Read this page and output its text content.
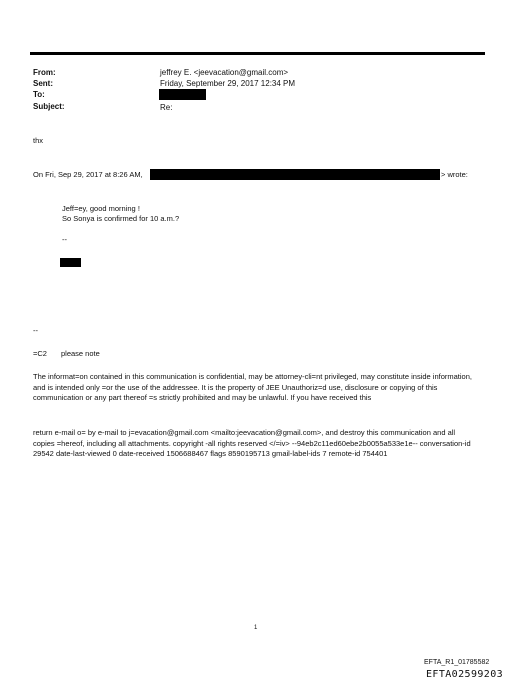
From:	jeffrey E. <jeevacation@gmail.com>
Sent:	Friday, September 29, 2017 12:34 PM
To:
Subject:	Re:
thx
On Fri, Sep 29, 2017 at 8:26 AM,	> wrote:
Jeff=ey, good morning !
So Sonya is confirmed for 10 a.m.?
--
--
=C2 please note
The informat=on contained in this communication is confidential, may be attorney-cli=nt privileged, may constitute inside information, and is intended only =or the use of the addressee. It is the property of JEE Unauthoriz=d use, disclosure or copying of this communication or any part thereof =s strictly prohibited and may be unlawful. If you have received this
return e-mail o= by e-mail to j=evacation@gmail.com <mailto:jeevacation@gmail.com>, and destroy this communication and all copies =hereof, including all attachments. copyright -all rights reserved </=iv> --94eb2c11ed60ebe2b0055a533e1e-- conversation-id 29542 date-last-viewed 0 date-received 1506688467 flags 8590195713 gmail-label-ids 7 remote-id 754401
1
EFTA_R1_01785582
EFTA02599203
